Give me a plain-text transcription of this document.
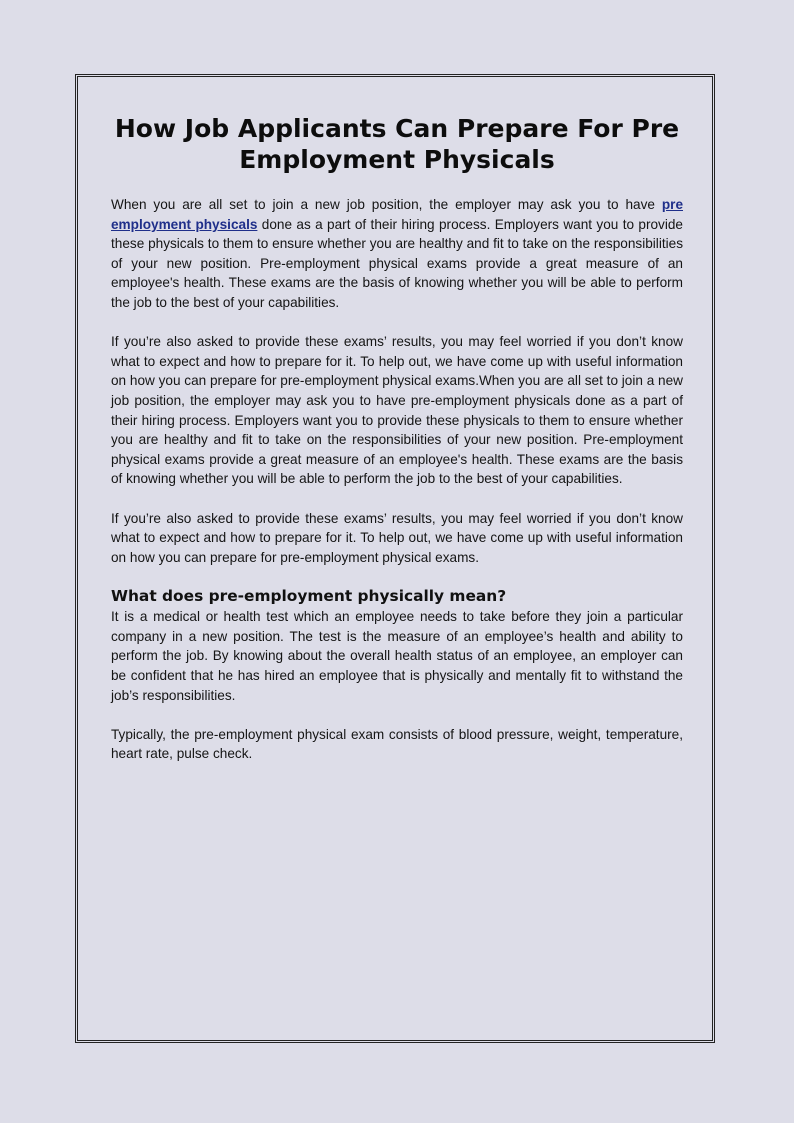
How Job Applicants Can Prepare For Pre Employment Physicals

When you are all set to join a new job position, the employer may ask you to have pre employment physicals done as a part of their hiring process. Employers want you to provide these physicals to them to ensure whether you are healthy and fit to take on the responsibilities of your new position. Pre-employment physical exams provide a great measure of an employee's health. These exams are the basis of knowing whether you will be able to perform the job to the best of your capabilities.

If you’re also asked to provide these exams’ results, you may feel worried if you don’t know what to expect and how to prepare for it. To help out, we have come up with useful information on how you can prepare for pre-employment physical exams.When you are all set to join a new job position, the employer may ask you to have pre-employment physicals done as a part of their hiring process. Employers want you to provide these physicals to them to ensure whether you are healthy and fit to take on the responsibilities of your new position. Pre-employment physical exams provide a great measure of an employee's health. These exams are the basis of knowing whether you will be able to perform the job to the best of your capabilities.

If you’re also asked to provide these exams’ results, you may feel worried if you don’t know what to expect and how to prepare for it. To help out, we have come up with useful information on how you can prepare for pre-employment physical exams.

What does pre-employment physically mean?

It is a medical or health test which an employee needs to take before they join a particular company in a new position. The test is the measure of an employee’s health and ability to perform the job. By knowing about the overall health status of an employee, an employer can be confident that he has hired an employee that is physically and mentally fit to withstand the job’s responsibilities.

Typically, the pre-employment physical exam consists of blood pressure, weight, temperature, heart rate, pulse check.
